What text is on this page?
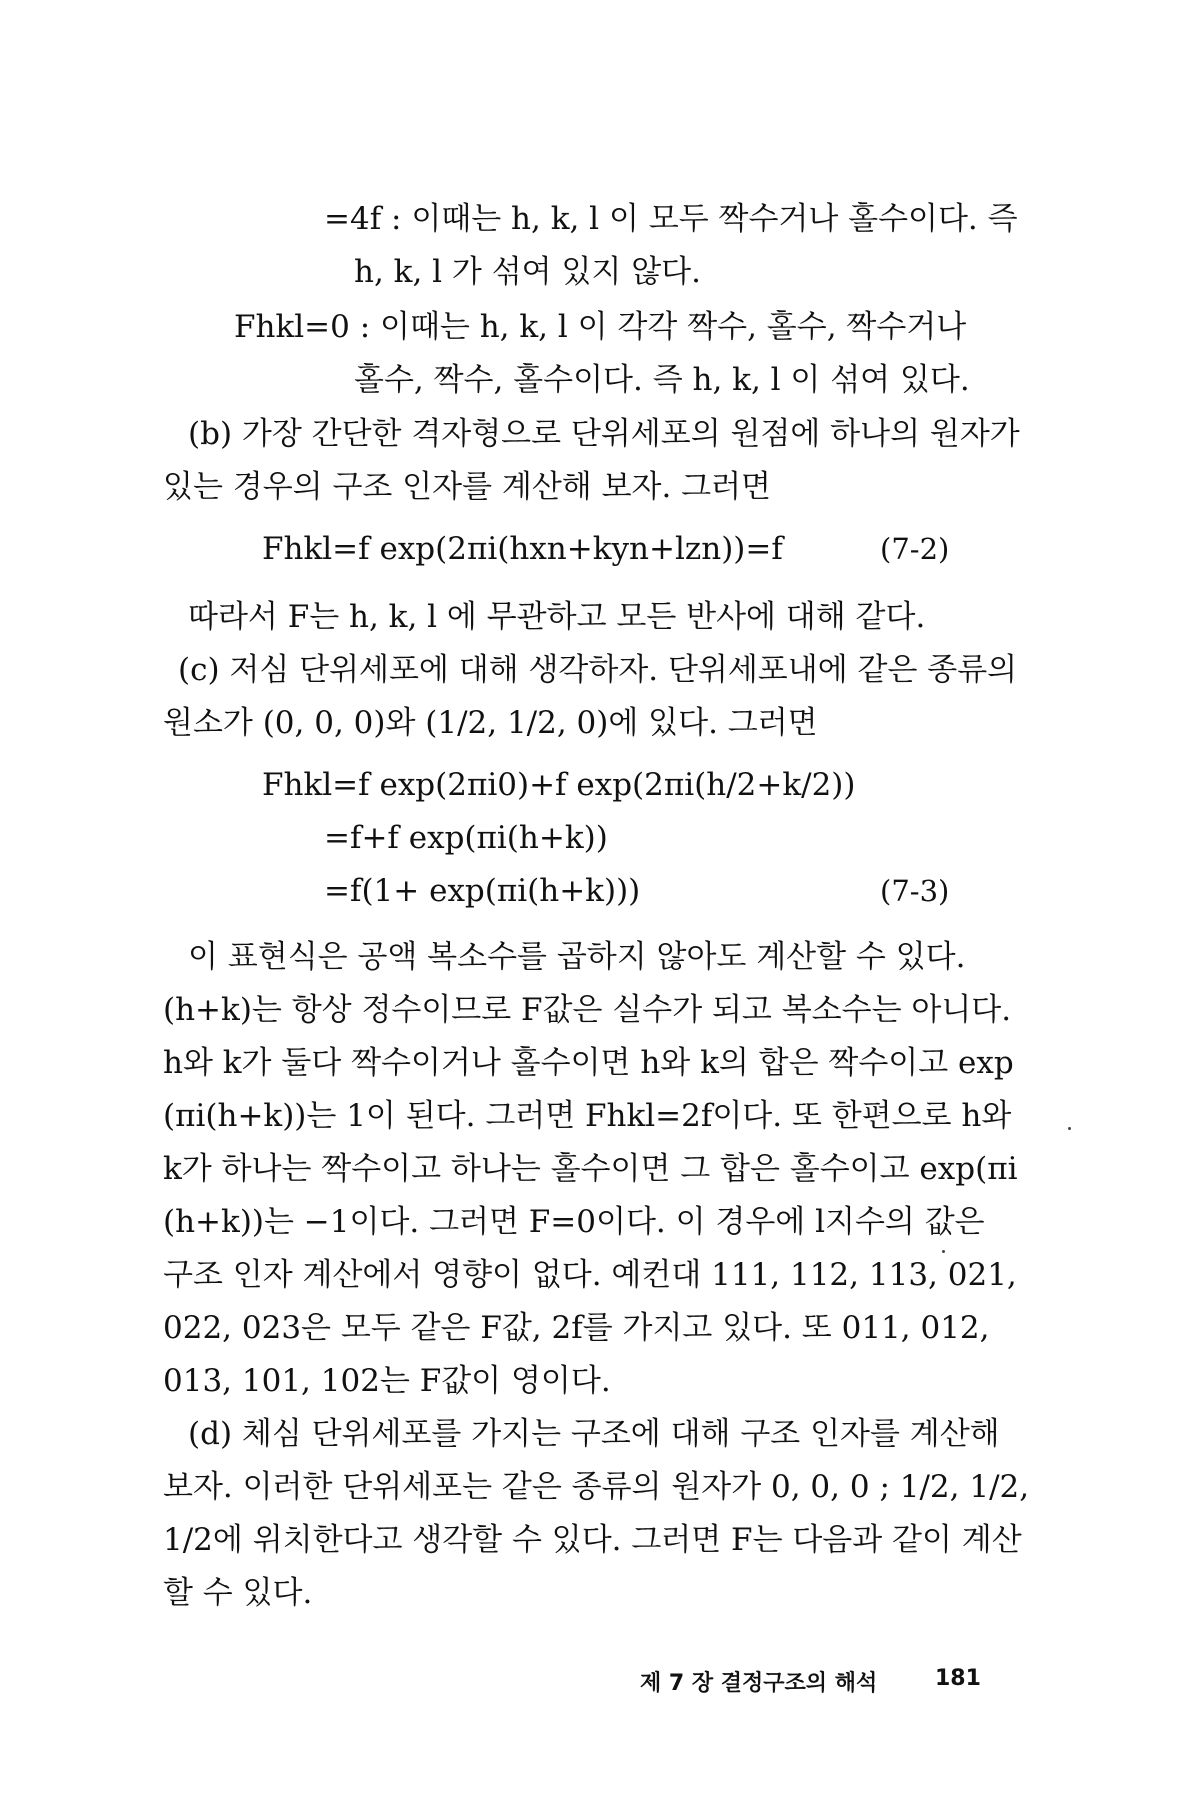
=4f : 이때는 h, k, l 이 모두 짝수거나 홀수이다. 즉
h, k, l 가 섞여 있지 않다.
Fhkl=0 : 이때는 h, k, l 이 각각 짝수, 홀수, 짝수거나
홀수, 짝수, 홀수이다. 즉 h, k, l 이 섞여 있다.
(b) 가장 간단한 격자형으로 단위세포의 원점에 하나의 원자가
있는 경우의 구조 인자를 계산해 보자. 그러면
Fhkl=f exp(2πi(hxn+kyn+lzn))=f	(7-2)
따라서 F는 h, k, l 에 무관하고 모든 반사에 대해 같다.
(c) 저심 단위세포에 대해 생각하자. 단위세포내에 같은 종류의
원소가 (0, 0, 0)와 (1/2, 1/2, 0)에 있다. 그러면
Fhkl=f exp(2πi0)+f exp(2πi(h/2+k/2))
=f+f exp(πi(h+k))
=f(1+ exp(πi(h+k)))	(7-3)
이 표현식은 공액 복소수를 곱하지 않아도 계산할 수 있다.
(h+k)는 항상 정수이므로 F값은 실수가 되고 복소수는 아니다.
h와 k가 둘다 짝수이거나 홀수이면 h와 k의 합은 짝수이고 exp
(πi(h+k))는 1이 된다. 그러면 Fhkl=2f이다. 또 한편으로 h와
k가 하나는 짝수이고 하나는 홀수이면 그 합은 홀수이고 exp(πi
(h+k))는 −1이다. 그러면 F=0이다. 이 경우에 l지수의 값은
구조 인자 계산에서 영향이 없다. 예컨대 111, 112, 113, 021,
022, 023은 모두 같은 F값, 2f를 가지고 있다. 또 011, 012,
013, 101, 102는 F값이 영이다.
(d) 체심 단위세포를 가지는 구조에 대해 구조 인자를 계산해
보자. 이러한 단위세포는 같은 종류의 원자가 0, 0, 0 ; 1/2, 1/2,
1/2에 위치한다고 생각할 수 있다. 그러면 F는 다음과 같이 계산
할 수 있다.
제 7 장 결정구조의 해석	181
